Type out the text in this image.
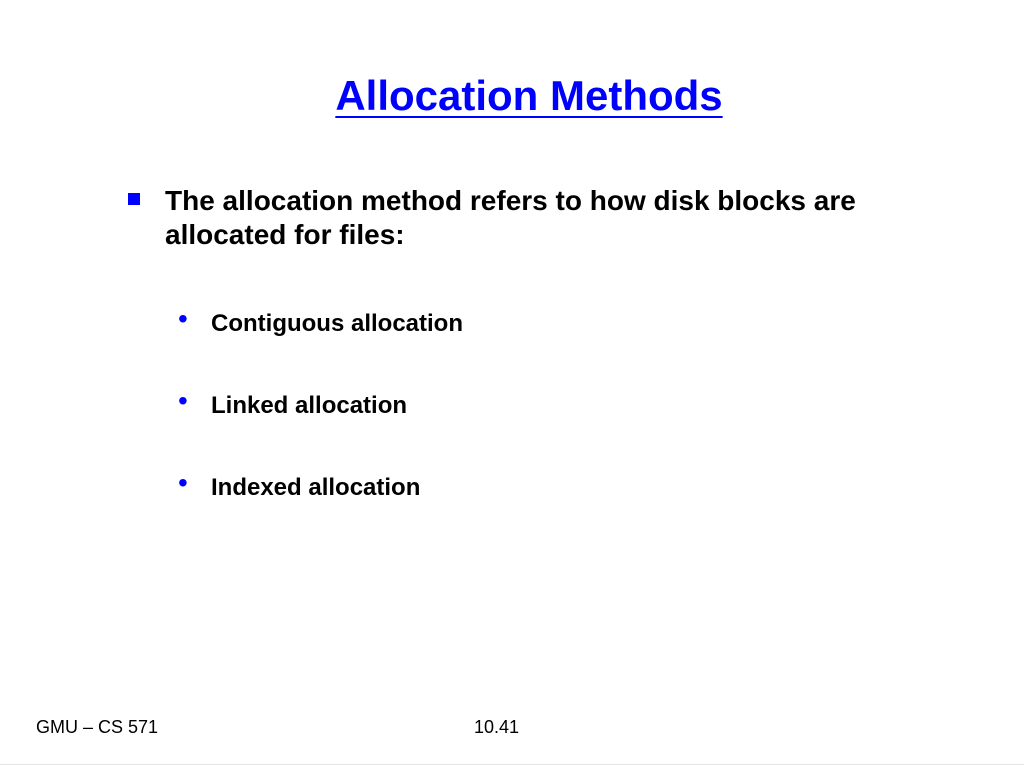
Allocation Methods

The allocation method refers to how disk blocks are allocated for files:

• Contiguous allocation
• Linked allocation
• Indexed allocation
GMU – CS 571	10.41
